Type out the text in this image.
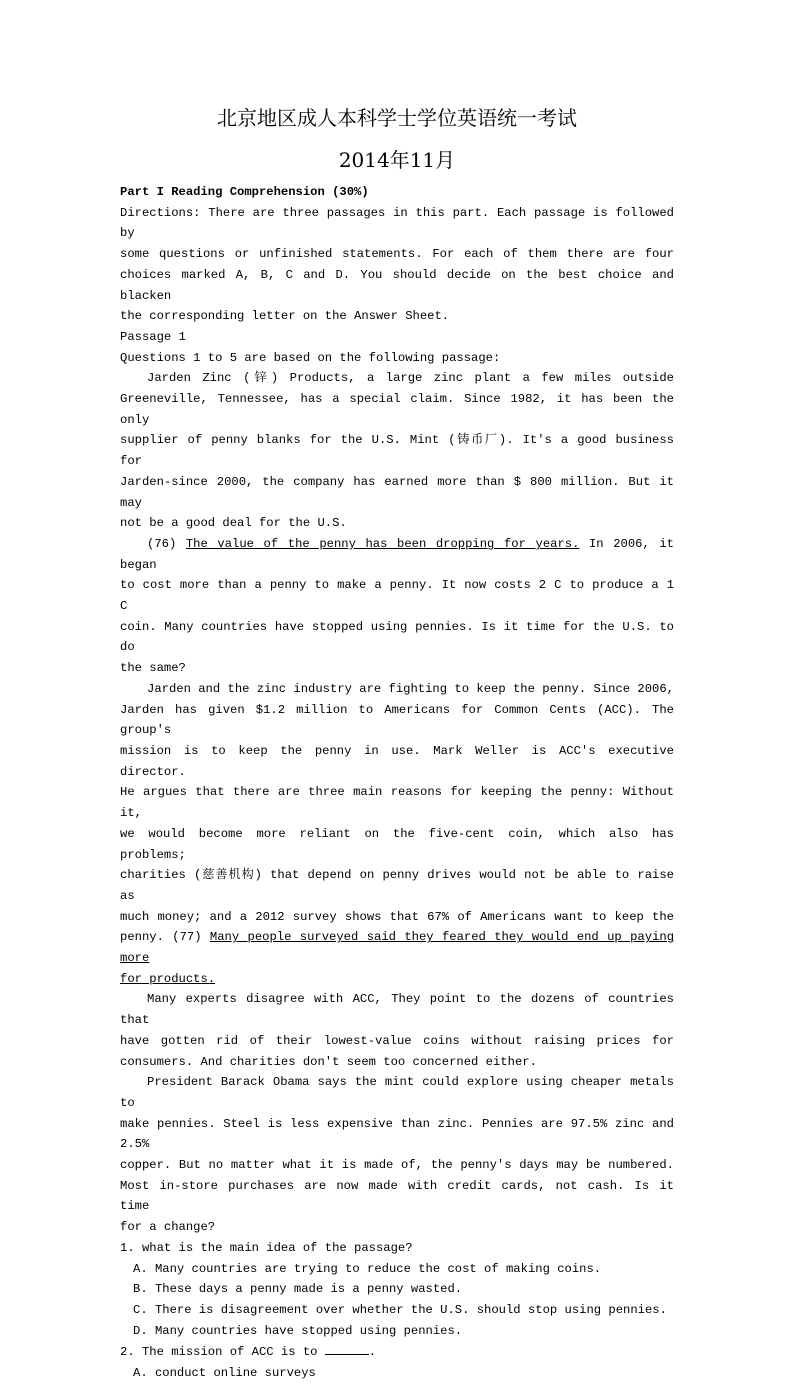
北京地区成人本科学士学位英语统一考试
2014年11月
Part I Reading Comprehension (30%)
Directions: There are three passages in this part. Each passage is followed by
some questions or unfinished statements. For each of them there are four
choices marked A, B, C and D. You should decide on the best choice and blacken
the corresponding letter on the Answer Sheet.
Passage 1
Questions 1 to 5 are based on the following passage:
Jarden Zinc (锌) Products, a large zinc plant a few miles outside
Greeneville, Tennessee, has a special claim. Since 1982, it has been the only
supplier of penny blanks for the U.S. Mint (铸币厂). It's a good business for
Jarden-since 2000, the company has earned more than $ 800 million. But it may
not be a good deal for the U.S.
(76) The value of the penny has been dropping for years. In 2006, it began
to cost more than a penny to make a penny. It now costs 2 C to produce a 1 C
coin. Many countries have stopped using pennies. Is it time for the U.S. to do
the same?
Jarden and the zinc industry are fighting to keep the penny. Since 2006,
Jarden has given $1.2 million to Americans for Common Cents (ACC). The group's
mission is to keep the penny in use. Mark Weller is ACC's executive director.
He argues that there are three main reasons for keeping the penny: Without it,
we would become more reliant on the five-cent coin, which also has problems;
charities (慈善机构) that depend on penny drives would not be able to raise as
much money; and a 2012 survey shows that 67% of Americans want to keep the
penny. (77) Many people surveyed said they feared they would end up paying more
for products.
Many experts disagree with ACC, They point to the dozens of countries that
have gotten rid of their lowest-value coins without raising prices for
consumers. And charities don't seem too concerned either.
President Barack Obama says the mint could explore using cheaper metals to
make pennies. Steel is less expensive than zinc. Pennies are 97.5% zinc and 2.5%
copper. But no matter what it is made of, the penny's days may be numbered.
Most in-store purchases are now made with credit cards, not cash. Is it time
for a change?
1. what is the main idea of the passage?
A. Many countries are trying to reduce the cost of making coins.
B. These days a penny made is a penny wasted.
C. There is disagreement over whether the U.S. should stop using pennies.
D. Many countries have stopped using pennies.
2. The mission of ACC is to	.
A. conduct online surveys
